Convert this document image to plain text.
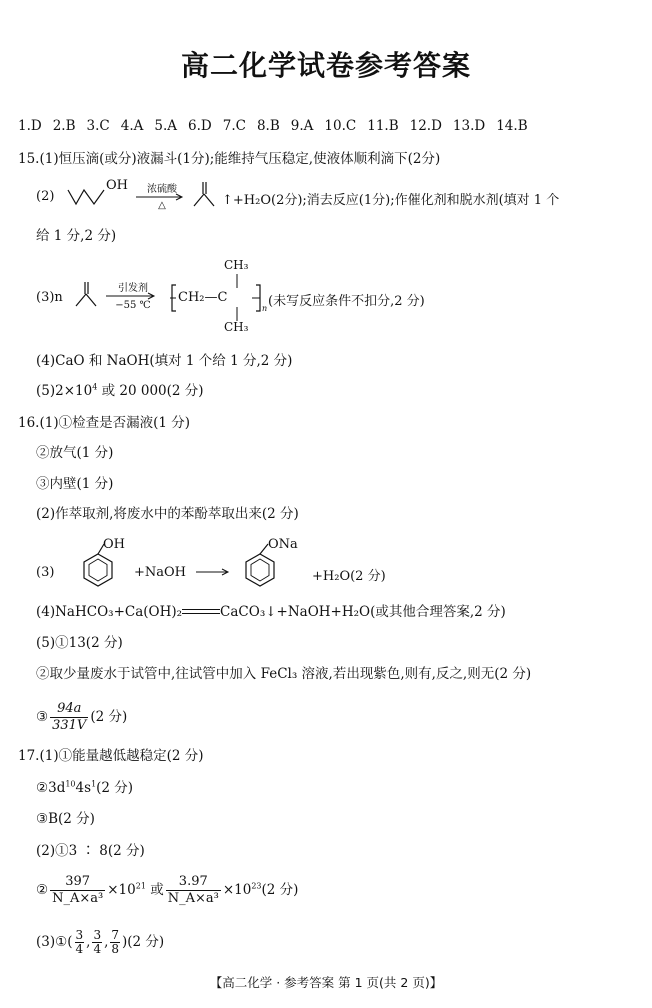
高二化学试卷参考答案
1.D 2.B 3.C 4.A 5.A 6.D 7.C 8.B 9.A 10.C 11.B 12.D 13.D 14.B
15.(1)恒压滴(或分)液漏斗(1分);能维持气压稳定,使液体顺利滴下(2分)
(2)
OH	浓硫酸
△	↑+H₂O(2分);消去反应(1分);作催化剂和脱水剂(填对 1 个
给 1 分,2 分)
(3)n
引发剂
−55 ℃
CH₃
CH₂—C
n
CH₃
(未写反应条件不扣分,2 分)
(4)CaO 和 NaOH(填对 1 个给 1 分,2 分)
$(5)2\times 10^4$ 或 20 000(2 分)
16.(1)①检查是否漏液(1 分)
②放气(1 分)
③内壁(1 分)
(2)作萃取剂,将废水中的苯酚萃取出来(2 分)
(3)
OH
+NaOH →
ONa
+H₂O(2 分)
(4)NaHCO₃+Ca(OH)₂	CaCO₃↓+NaOH+H₂O(或其他合理答案,2 分)
(5)①13(2 分)
②取少量废水于试管中,往试管中加入 FeCl₃ 溶液,若出现紫色,则有,反之,则无(2 分)
③ $\frac{94a}{331V} (2$ 分)
17.(1)①能量越低越稳定(2 分)
$②3d^{10}4s^1(2$ 分)
③B(2 分)
(2)①3 ∶ 8(2 分)
② $\frac{397}{\text{N\_A×a³}} \times 10^{21}$ 或 $\frac{3.97}{\text{N\_A×a³}} \times 10^{23}(2$ 分)
(3)①( $\frac{3}{4}$ , $\frac{3}{4}$ , $\frac{7}{8} )(2$ 分)
【高二化学 · 参考答案 第 1 页(共 2 页)】
